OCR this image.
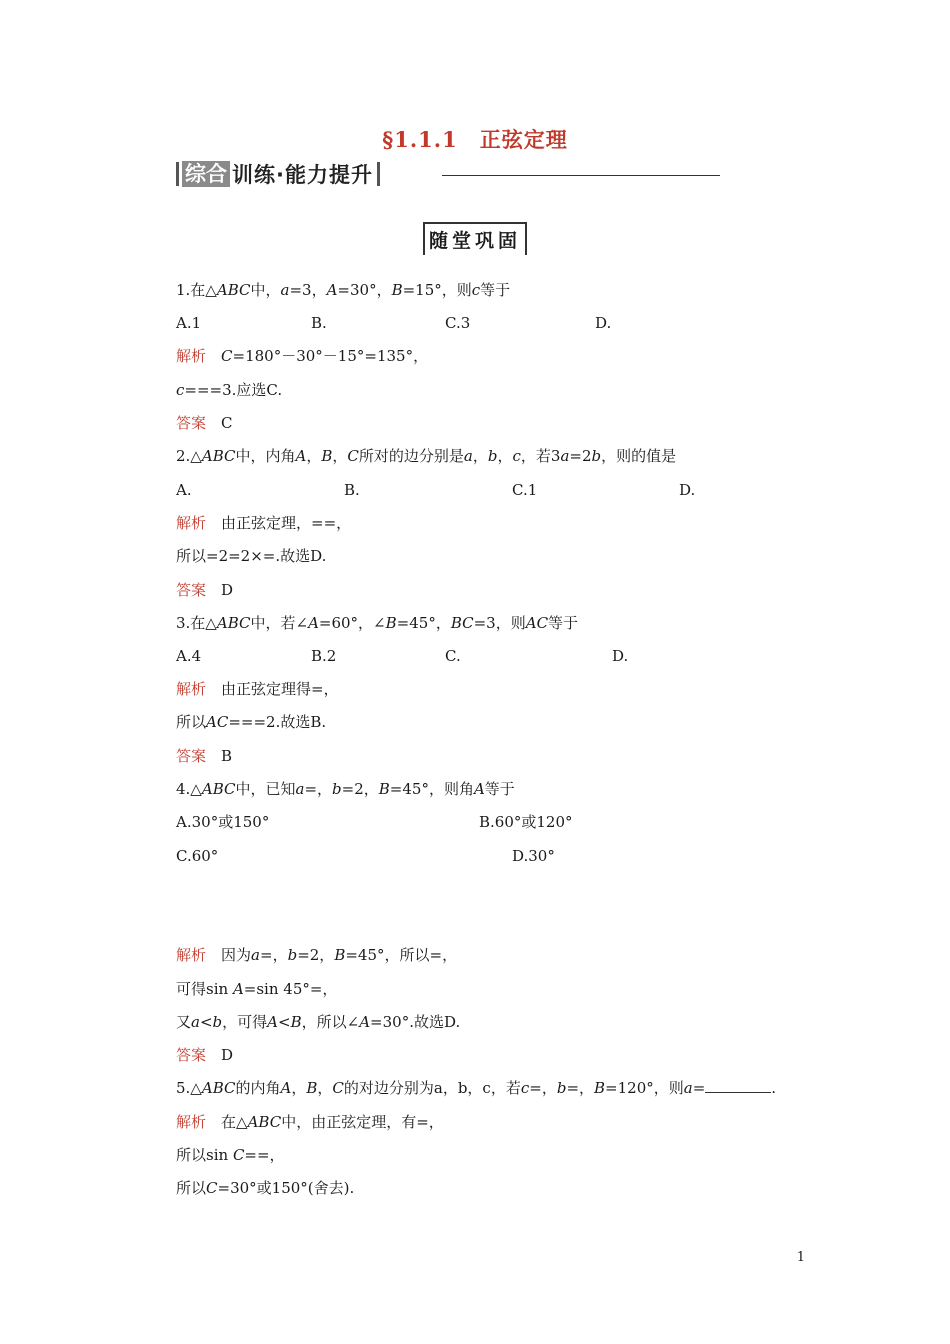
§1.1.1　正弦定理
综合 训练·能力提升
随堂巩固
1.在△ABC中，a=3，A=30°，B=15°，则c等于
A.1	B.	C.3	D.
解析　 C=180°－30°－15°=135°，
c===3.应选C.
答案　 C
2.△ABC中，内角A，B，C所对的边分别是a，b，c，若3a=2b，则的值是
A.	B.	C.1	D.
解析　 由正弦定理，==，
所以=2=2×=.故选D.
答案　 D
3.在△ABC中，若∠A=60°，∠B=45°，BC=3，则AC等于
A.4	B.2	C.	D.
解析　 由正弦定理得=，
所以AC===2.故选B.
答案　 B
4.△ABC中，已知a=，b=2，B=45°，则角A等于
A.30°或150°	B.60°或120°
C.60°	D.30°
解析　 因为a=，b=2，B=45°，所以=，
可得sin A=sin 45°=，
又a<b，可得A<B，所以∠A=30°.故选D.
答案　 D
5.△ABC的内角A，B，C的对边分别为a，b，c，若c=，b=，B=120°，则a=	.
解析　 在△ABC中，由正弦定理，有=，
所以sin C==，
所以C=30°或150°(舍去).
1
